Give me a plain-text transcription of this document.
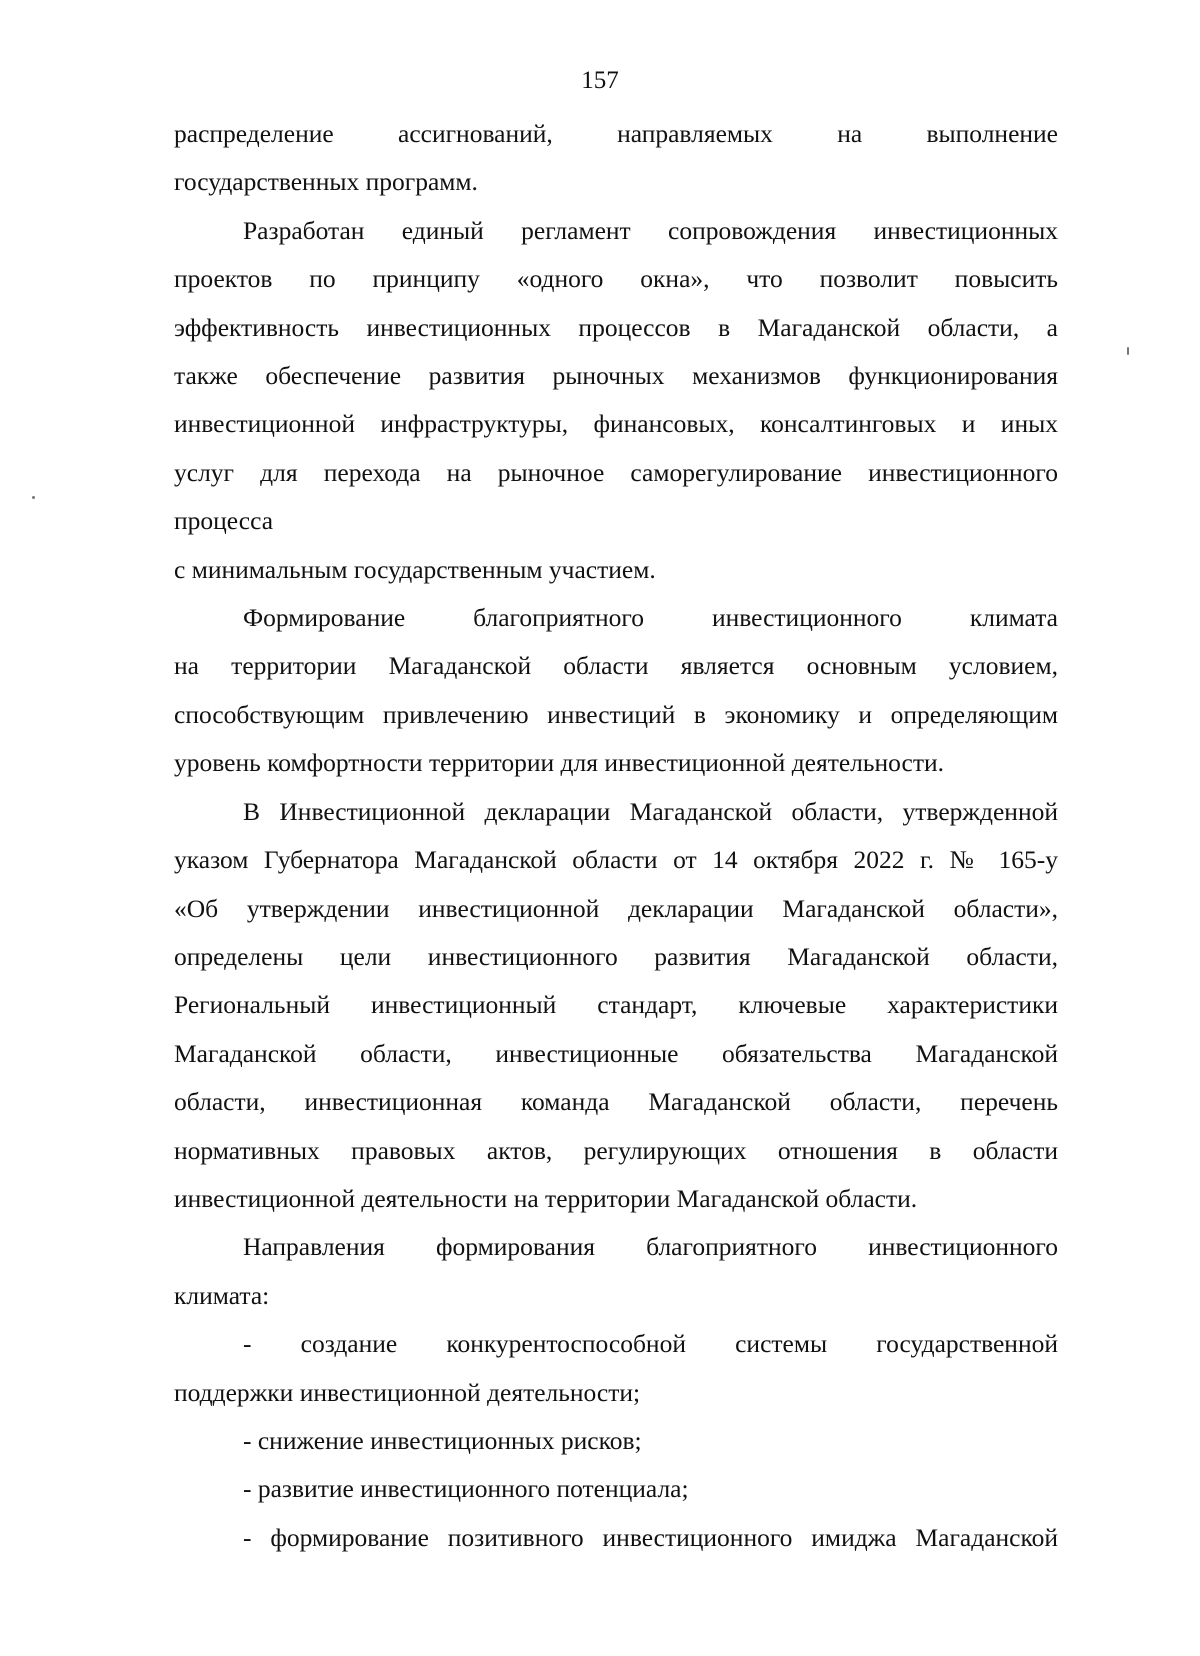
157

распределение ассигнований, направляемых на выполнение

государственных программ.

Разработан единый регламент сопровождения инвестиционных

проектов по принципу «одного окна», что позволит повысить

эффективность инвестиционных процессов в Магаданской области, а

также обеспечение развития рыночных механизмов функционирования

инвестиционной инфраструктуры, финансовых, консалтинговых и иных

услуг для перехода на рыночное саморегулирование инвестиционного

процесса

с минимальным государственным участием.

Формирование благоприятного инвестиционного климата

на территории Магаданской области является основным условием,

способствующим привлечению инвестиций в экономику и определяющим

уровень комфортности территории для инвестиционной деятельности.

В Инвестиционной декларации Магаданской области, утвержденной

указом Губернатора Магаданской области от 14 октября 2022 г. № 165-у

«Об утверждении инвестиционной декларации Магаданской области»,

определены цели инвестиционного развития Магаданской области,

Региональный инвестиционный стандарт, ключевые характеристики

Магаданской области, инвестиционные обязательства Магаданской

области, инвестиционная команда Магаданской области, перечень

нормативных правовых актов, регулирующих отношения в области

инвестиционной деятельности на территории Магаданской области.

Направления формирования благоприятного инвестиционного

климата:

- создание конкурентоспособной системы государственной

поддержки инвестиционной деятельности;

- снижение инвестиционных рисков;

- развитие инвестиционного потенциала;

- формирование позитивного инвестиционного имиджа Магаданской
